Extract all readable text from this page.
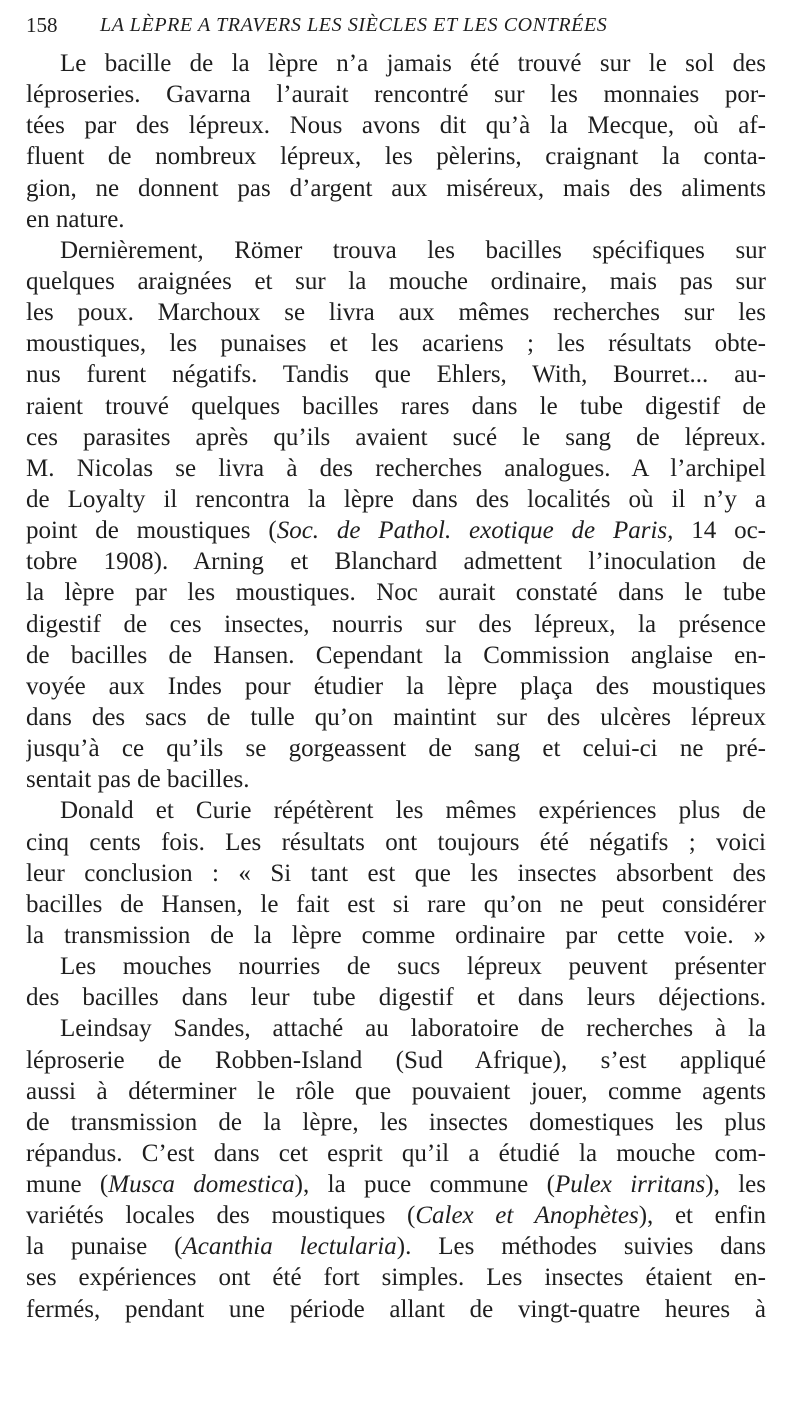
158 LA LÈPRE A TRAVERS LES SIÈCLES ET LES CONTRÉES
Le bacille de la lèpre n’a jamais été trouvé sur le sol des
léproseries. Gavarna l’aurait rencontré sur les monnaies por-
tées par des lépreux. Nous avons dit qu’à la Mecque, où af-
fluent de nombreux lépreux, les pèlerins, craignant la conta-
gion, ne donnent pas d’argent aux miséreux, mais des aliments
en nature.
Dernièrement, Römer trouva les bacilles spécifiques sur
quelques araignées et sur la mouche ordinaire, mais pas sur
les poux. Marchoux se livra aux mêmes recherches sur les
moustiques, les punaises et les acariens ; les résultats obte-
nus furent négatifs. Tandis que Ehlers, With, Bourret... au-
raient trouvé quelques bacilles rares dans le tube digestif de
ces parasites après qu’ils avaient sucé le sang de lépreux.
M. Nicolas se livra à des recherches analogues. A l’archipel
de Loyalty il rencontra la lèpre dans des localités où il n’y a
point de moustiques (Soc. de Pathol. exotique de Paris, 14 oc-
tobre 1908). Arning et Blanchard admettent l’inoculation de
la lèpre par les moustiques. Noc aurait constaté dans le tube
digestif de ces insectes, nourris sur des lépreux, la présence
de bacilles de Hansen. Cependant la Commission anglaise en-
voyée aux Indes pour étudier la lèpre plaça des moustiques
dans des sacs de tulle qu’on maintint sur des ulcères lépreux
jusqu’à ce qu’ils se gorgeassent de sang et celui-ci ne pré-
sentait pas de bacilles.
Donald et Curie répétèrent les mêmes expériences plus de
cinq cents fois. Les résultats ont toujours été négatifs ; voici
leur conclusion : « Si tant est que les insectes absorbent des
bacilles de Hansen, le fait est si rare qu’on ne peut considérer
la transmission de la lèpre comme ordinaire par cette voie. »
Les mouches nourries de sucs lépreux peuvent présenter
des bacilles dans leur tube digestif et dans leurs déjections.
Leindsay Sandes, attaché au laboratoire de recherches à la
léproserie de Robben-Island (Sud Afrique), s’est appliqué
aussi à déterminer le rôle que pouvaient jouer, comme agents
de transmission de la lèpre, les insectes domestiques les plus
répandus. C’est dans cet esprit qu’il a étudié la mouche com-
mune (Musca domestica), la puce commune (Pulex irritans), les
variétés locales des moustiques (Calex et Anophètes), et enfin
la punaise (Acanthia lectularia). Les méthodes suivies dans
ses expériences ont été fort simples. Les insectes étaient en-
fermés, pendant une période allant de vingt-quatre heures à
